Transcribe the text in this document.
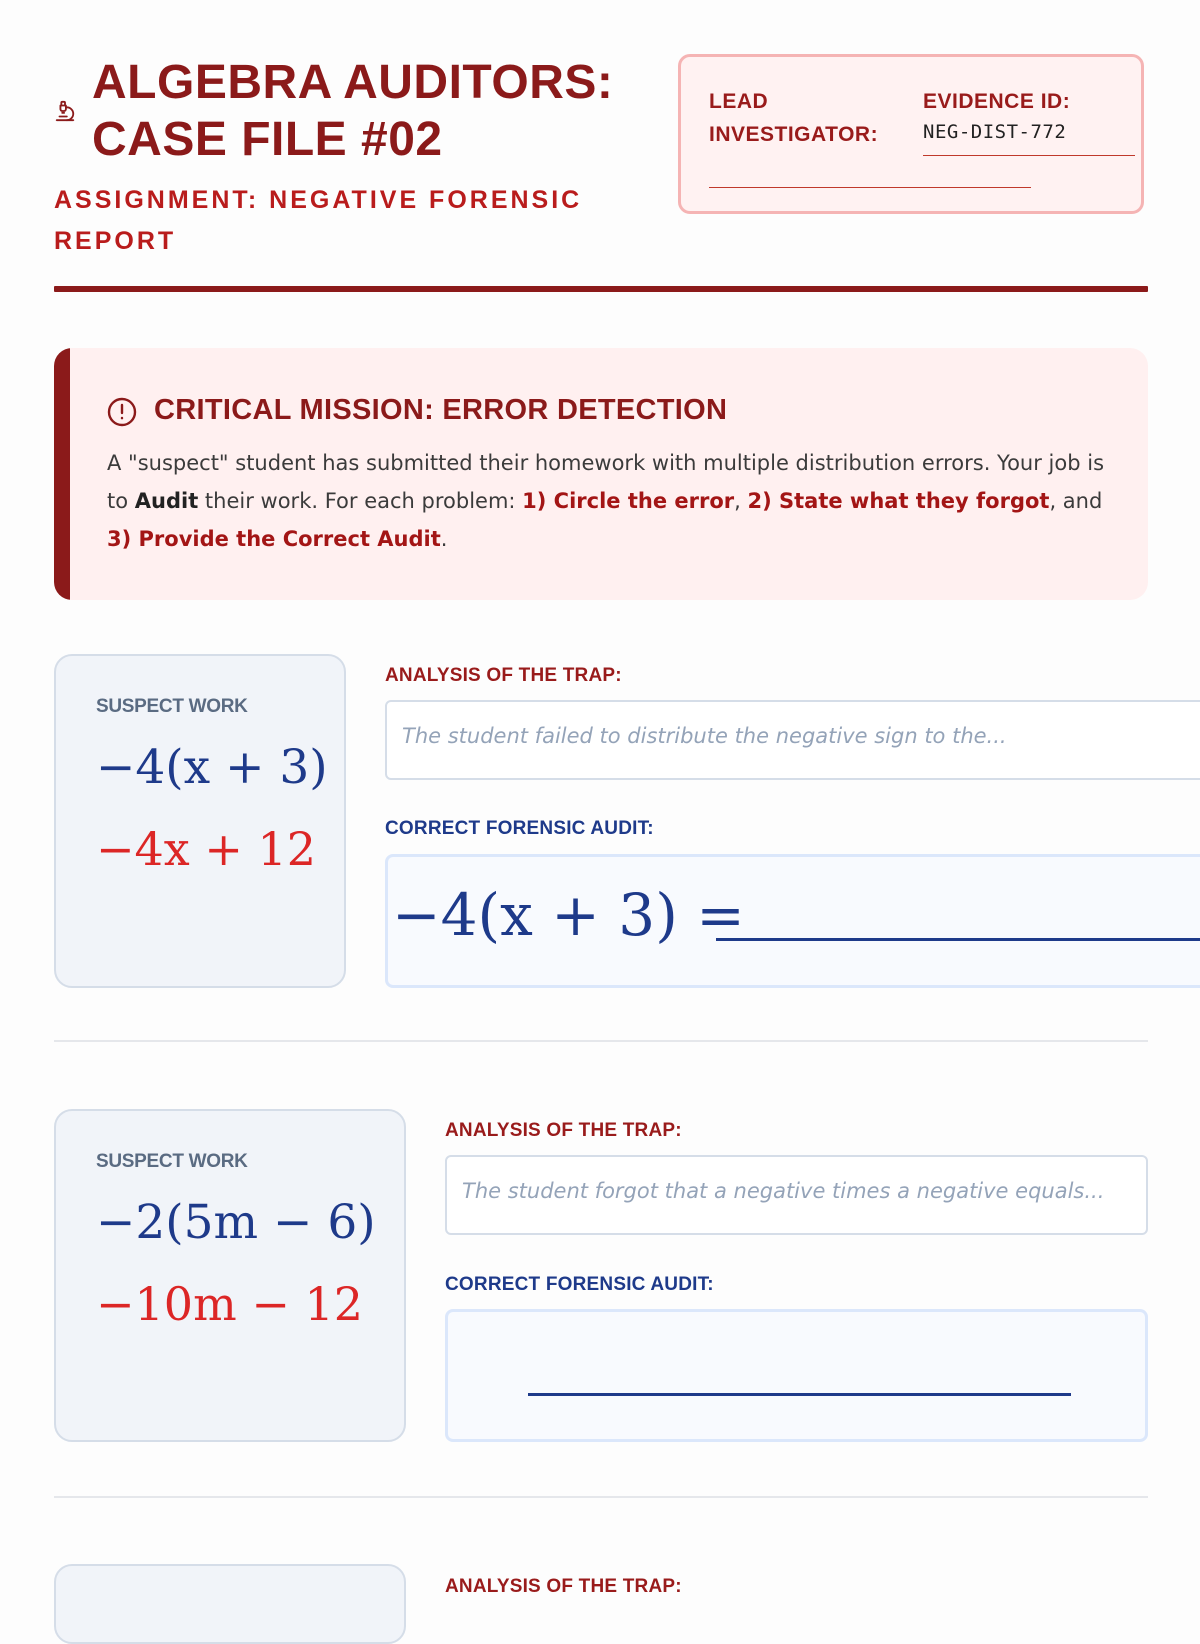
ALGEBRA AUDITORS:
CASE FILE #02

ASSIGNMENT: NEGATIVE FORENSIC
REPORT

LEAD
INVESTIGATOR:

EVIDENCE ID:

NEG-DIST-772
CRITICAL MISSION: ERROR DETECTION

A "suspect" student has submitted their homework with multiple distribution errors. Your job is to Audit their work. For each problem: 1) Circle the error, 2) State what they forgot, and 3) Provide the Correct Audit.

SUSPECT WORK
−4(x + 3)
−4x + 12
ANALYSIS OF THE TRAP:
The student failed to distribute the negative sign to the...
CORRECT FORENSIC AUDIT:
−4(x + 3) =
SUSPECT WORK
−2(5m − 6)
−10m − 12
ANALYSIS OF THE TRAP:
The student forgot that a negative times a negative equals...
CORRECT FORENSIC AUDIT:
ANALYSIS OF THE TRAP:
